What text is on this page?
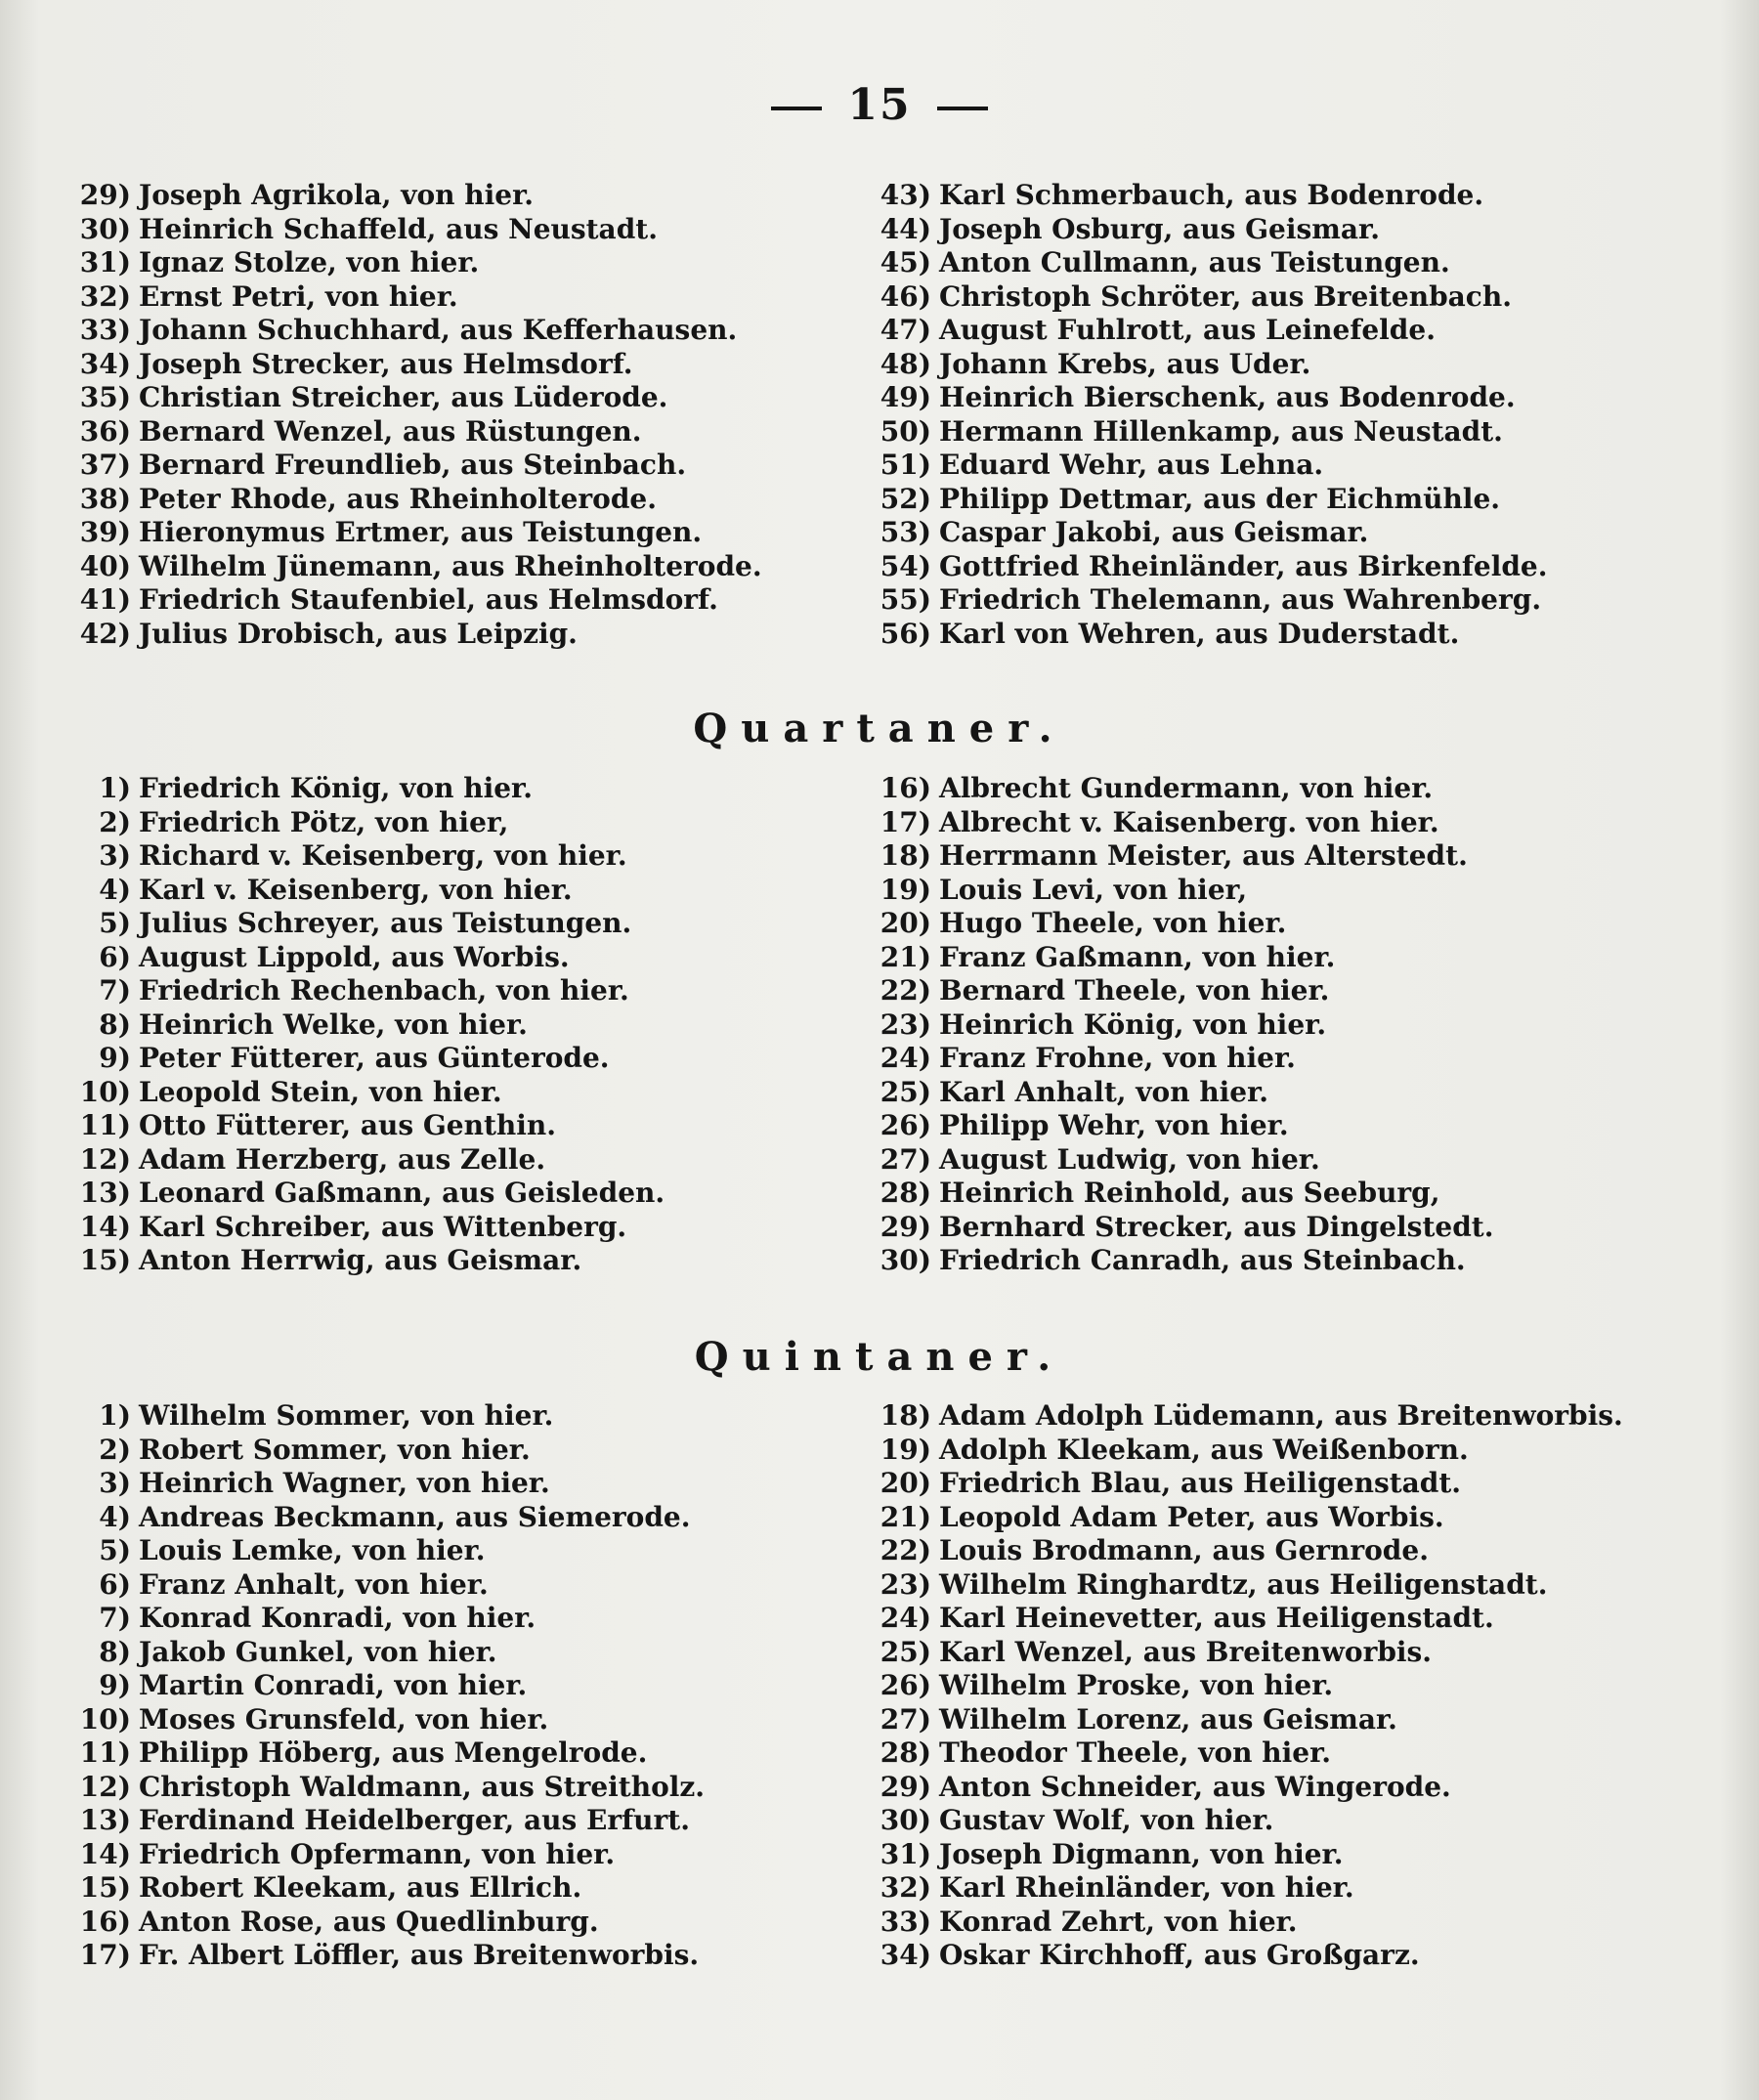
15
29) Joseph Agrikola, von hier.
30) Heinrich Schaffeld, aus Neustadt.
31) Ignaz Stolze, von hier.
32) Ernst Petri, von hier.
33) Johann Schuchhard, aus Kefferhausen.
34) Joseph Strecker, aus Helmsdorf.
35) Christian Streicher, aus Lüderode.
36) Bernard Wenzel, aus Rüstungen.
37) Bernard Freundlieb, aus Steinbach.
38) Peter Rhode, aus Rheinholterode.
39) Hieronymus Ertmer, aus Teistungen.
40) Wilhelm Jünemann, aus Rheinholterode.
41) Friedrich Staufenbiel, aus Helmsdorf.
42) Julius Drobisch, aus Leipzig.
43) Karl Schmerbauch, aus Bodenrode.
44) Joseph Osburg, aus Geismar.
45) Anton Cullmann, aus Teistungen.
46) Christoph Schröter, aus Breitenbach.
47) August Fuhlrott, aus Leinefelde.
48) Johann Krebs, aus Uder.
49) Heinrich Bierschenk, aus Bodenrode.
50) Hermann Hillenkamp, aus Neustadt.
51) Eduard Wehr, aus Lehna.
52) Philipp Dettmar, aus der Eichmühle.
53) Caspar Jakobi, aus Geismar.
54) Gottfried Rheinländer, aus Birkenfelde.
55) Friedrich Thelemann, aus Wahrenberg.
56) Karl von Wehren, aus Duderstadt.
Quartaner.
1) Friedrich König, von hier.
2) Friedrich Pötz, von hier,
3) Richard v. Keisenberg, von hier.
4) Karl v. Keisenberg, von hier.
5) Julius Schreyer, aus Teistungen.
6) August Lippold, aus Worbis.
7) Friedrich Rechenbach, von hier.
8) Heinrich Welke, von hier.
9) Peter Fütterer, aus Günterode.
10) Leopold Stein, von hier.
11) Otto Fütterer, aus Genthin.
12) Adam Herzberg, aus Zelle.
13) Leonard Gaßmann, aus Geisleden.
14) Karl Schreiber, aus Wittenberg.
15) Anton Herrwig, aus Geismar.
16) Albrecht Gundermann, von hier.
17) Albrecht v. Kaisenberg. von hier.
18) Herrmann Meister, aus Alterstedt.
19) Louis Levi, von hier,
20) Hugo Theele, von hier.
21) Franz Gaßmann, von hier.
22) Bernard Theele, von hier.
23) Heinrich König, von hier.
24) Franz Frohne, von hier.
25) Karl Anhalt, von hier.
26) Philipp Wehr, von hier.
27) August Ludwig, von hier.
28) Heinrich Reinhold, aus Seeburg,
29) Bernhard Strecker, aus Dingelstedt.
30) Friedrich Canradh, aus Steinbach.
Quintaner.
1) Wilhelm Sommer, von hier.
2) Robert Sommer, von hier.
3) Heinrich Wagner, von hier.
4) Andreas Beckmann, aus Siemerode.
5) Louis Lemke, von hier.
6) Franz Anhalt, von hier.
7) Konrad Konradi, von hier.
8) Jakob Gunkel, von hier.
9) Martin Conradi, von hier.
10) Moses Grunsfeld, von hier.
11) Philipp Höberg, aus Mengelrode.
12) Christoph Waldmann, aus Streitholz.
13) Ferdinand Heidelberger, aus Erfurt.
14) Friedrich Opfermann, von hier.
15) Robert Kleekam, aus Ellrich.
16) Anton Rose, aus Quedlinburg.
17) Fr. Albert Löffler, aus Breitenworbis.
18) Adam Adolph Lüdemann, aus Breitenworbis.
19) Adolph Kleekam, aus Weißenborn.
20) Friedrich Blau, aus Heiligenstadt.
21) Leopold Adam Peter, aus Worbis.
22) Louis Brodmann, aus Gernrode.
23) Wilhelm Ringhardtz, aus Heiligenstadt.
24) Karl Heinevetter, aus Heiligenstadt.
25) Karl Wenzel, aus Breitenworbis.
26) Wilhelm Proske, von hier.
27) Wilhelm Lorenz, aus Geismar.
28) Theodor Theele, von hier.
29) Anton Schneider, aus Wingerode.
30) Gustav Wolf, von hier.
31) Joseph Digmann, von hier.
32) Karl Rheinländer, von hier.
33) Konrad Zehrt, von hier.
34) Oskar Kirchhoff, aus Großgarz.
